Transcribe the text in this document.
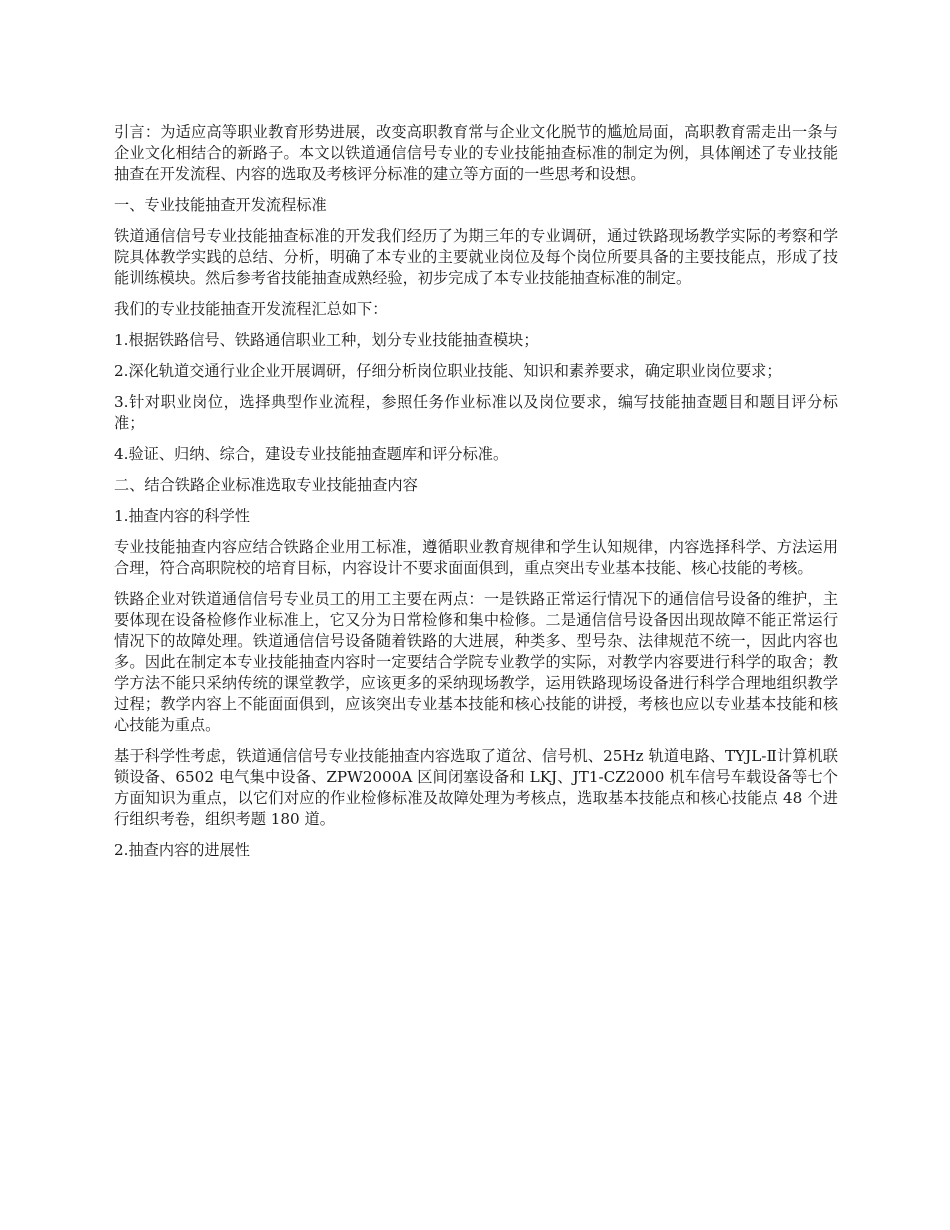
引言：为适应高等职业教育形势进展，改变高职教育常与企业文化脱节的尴尬局面，高职教育需走出一条与企业文化相结合的新路子。本文以铁道通信信号专业的专业技能抽查标准的制定为例，具体阐述了专业技能抽查在开发流程、内容的选取及考核评分标准的建立等方面的一些思考和设想。

一、专业技能抽查开发流程标准

铁道通信信号专业技能抽查标准的开发我们经历了为期三年的专业调研，通过铁路现场教学实际的考察和学院具体教学实践的总结、分析，明确了本专业的主要就业岗位及每个岗位所要具备的主要技能点，形成了技能训练模块。然后参考省技能抽查成熟经验，初步完成了本专业技能抽查标准的制定。

我们的专业技能抽查开发流程汇总如下：

1.根据铁路信号、铁路通信职业工种，划分专业技能抽查模块；

2.深化轨道交通行业企业开展调研，仔细分析岗位职业技能、知识和素养要求，确定职业岗位要求；

3.针对职业岗位，选择典型作业流程，参照任务作业标准以及岗位要求，编写技能抽查题目和题目评分标准；

4.验证、归纳、综合，建设专业技能抽查题库和评分标准。

二、结合铁路企业标准选取专业技能抽查内容

1.抽查内容的科学性

专业技能抽查内容应结合铁路企业用工标准，遵循职业教育规律和学生认知规律，内容选择科学、方法运用合理，符合高职院校的培育目标，内容设计不要求面面俱到，重点突出专业基本技能、核心技能的考核。

铁路企业对铁道通信信号专业员工的用工主要在两点：一是铁路正常运行情况下的通信信号设备的维护，主要体现在设备检修作业标准上，它又分为日常检修和集中检修。二是通信信号设备因出现故障不能正常运行情况下的故障处理。铁道通信信号设备随着铁路的大进展，种类多、型号杂、法律规范不统一，因此内容也多。因此在制定本专业技能抽查内容时一定要结合学院专业教学的实际，对教学内容要进行科学的取舍；教学方法不能只采纳传统的课堂教学，应该更多的采纳现场教学，运用铁路现场设备进行科学合理地组织教学过程；教学内容上不能面面俱到，应该突出专业基本技能和核心技能的讲授，考核也应以专业基本技能和核心技能为重点。

基于科学性考虑，铁道通信信号专业技能抽查内容选取了道岔、信号机、25Hz 轨道电路、TYJL-Ⅱ计算机联锁设备、6502 电气集中设备、ZPW2000A 区间闭塞设备和 LKJ、JT1-CZ2000 机车信号车载设备等七个方面知识为重点，以它们对应的作业检修标准及故障处理为考核点，选取基本技能点和核心技能点 48 个进行组织考卷，组织考题 180 道。

2.抽查内容的进展性
